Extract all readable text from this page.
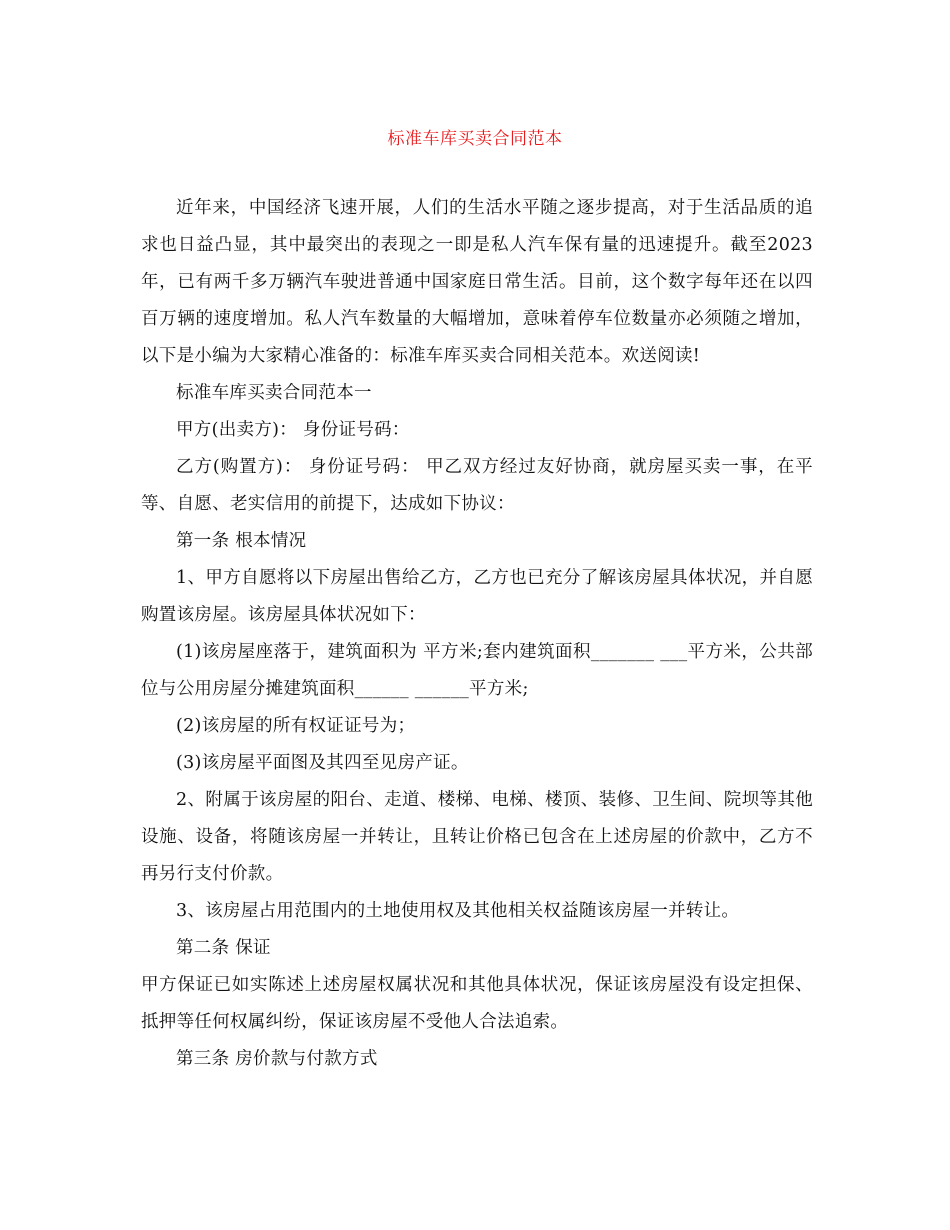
标准车库买卖合同范本

近年来，中国经济飞速开展，人们的生活水平随之逐步提高，对于生活品质的追求也日益凸显，其中最突出的表现之一即是私人汽车保有量的迅速提升。截至2023年，已有两千多万辆汽车驶进普通中国家庭日常生活。目前，这个数字每年还在以四百万辆的速度增加。私人汽车数量的大幅增加，意味着停车位数量亦必须随之增加，以下是小编为大家精心准备的：标准车库买卖合同相关范本。欢送阅读!

标准车库买卖合同范本一

甲方(出卖方)： 身份证号码：

乙方(购置方)： 身份证号码： 甲乙双方经过友好协商，就房屋买卖一事，在平等、自愿、老实信用的前提下，达成如下协议：

第一条 根本情况

1、甲方自愿将以下房屋出售给乙方，乙方也已充分了解该房屋具体状况，并自愿购置该房屋。该房屋具体状况如下：

(1)该房屋座落于，建筑面积为 平方米;套内建筑面积_______ ___平方米，公共部位与公用房屋分摊建筑面积______ ______平方米;

(2)该房屋的所有权证证号为；

(3)该房屋平面图及其四至见房产证。

2、附属于该房屋的阳台、走道、楼梯、电梯、楼顶、装修、卫生间、院坝等其他设施、设备，将随该房屋一并转让，且转让价格已包含在上述房屋的价款中，乙方不再另行支付价款。

3、该房屋占用范围内的土地使用权及其他相关权益随该房屋一并转让。

第二条 保证

甲方保证已如实陈述上述房屋权属状况和其他具体状况，保证该房屋没有设定担保、抵押等任何权属纠纷，保证该房屋不受他人合法追索。

第三条 房价款与付款方式
